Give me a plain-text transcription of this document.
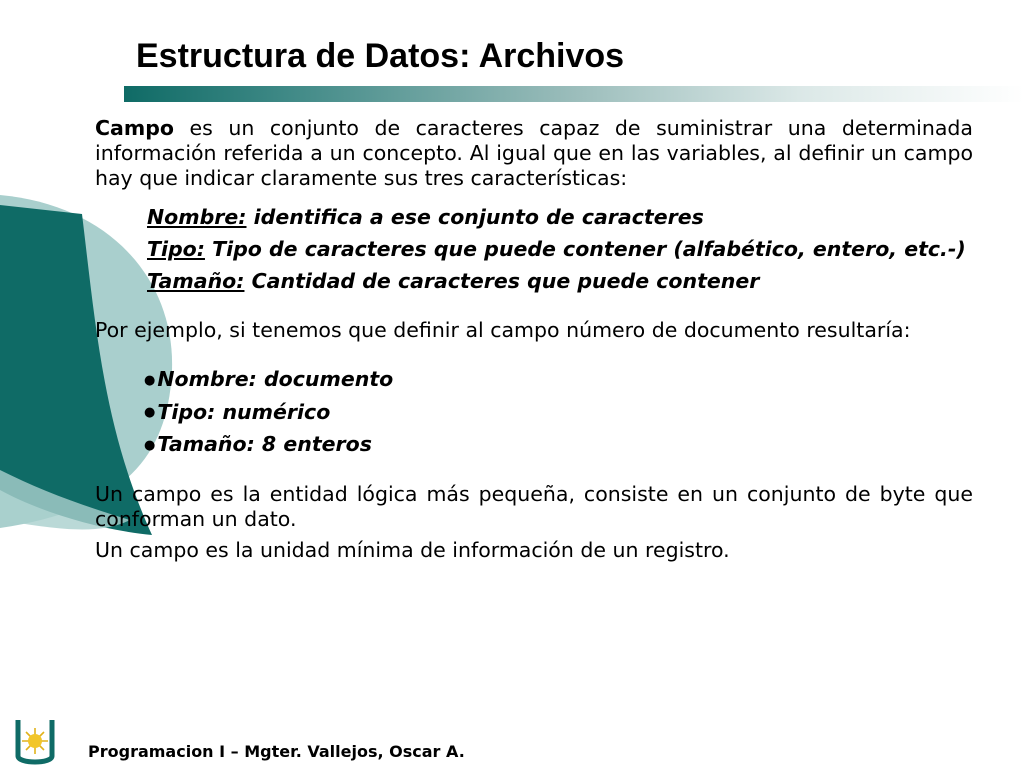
Estructura de Datos: Archivos

Campo es un conjunto de caracteres capaz de suministrar una determinada información referida a un concepto. Al igual que en las variables, al definir un campo hay que indicar claramente sus tres características:

Nombre: identifica a ese conjunto de caracteres
Tipo: Tipo de caracteres que puede contener (alfabético, entero, etc.-)
Tamaño: Cantidad de caracteres que puede contener

Por ejemplo, si tenemos que definir al campo número de documento resultaría:

●Nombre: documento
●Tipo: numérico
●Tamaño: 8 enteros

Un campo es la entidad lógica más pequeña, consiste en un conjunto de byte que conforman un dato.

Un campo es la unidad mínima de información de un registro.

Programacion I – Mgter. Vallejos, Oscar A.
